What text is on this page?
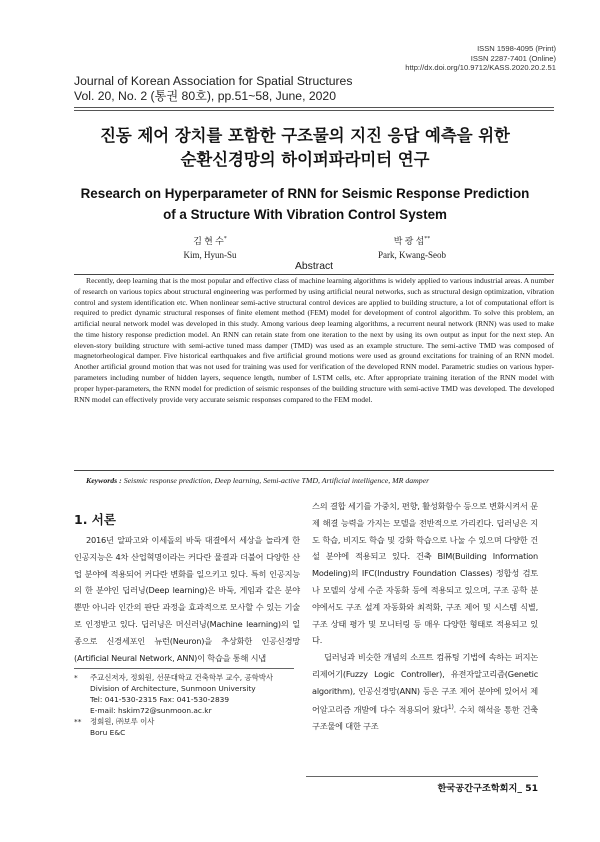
ISSN 1598-4095 (Print)
ISSN 2287-7401 (Online)
http://dx.doi.org/10.9712/KASS.2020.20.2.51
Journal of Korean Association for Spatial Structures
Vol. 20, No. 2 (통권 80호), pp.51~58, June, 2020
진동 제어 장치를 포함한 구조물의 지진 응답 예측을 위한
순환신경망의 하이퍼파라미터 연구
Research on Hyperparameter of RNN for Seismic Response Prediction
of a Structure With Vibration Control System
김 현 수*
Kim, Hyun-Su
박 광 섭**
Park, Kwang-Seob
Abstract
Recently, deep learning that is the most popular and effective class of machine learning algorithms is widely applied to various industrial areas. A number of research on various topics about structural engineering was performed by using artificial neural networks, such as structural design optimization, vibration control and system identification etc. When nonlinear semi-active structural control devices are applied to building structure, a lot of computational effort is required to predict dynamic structural responses of finite element method (FEM) model for development of control algorithm. To solve this problem, an artificial neural network model was developed in this study. Among various deep learning algorithms, a recurrent neural network (RNN) was used to make the time history response prediction model. An RNN can retain state from one iteration to the next by using its own output as input for the next step. An eleven-story building structure with semi-active tuned mass damper (TMD) was used as an example structure. The semi-active TMD was composed of magnetorheological damper. Five historical earthquakes and five artificial ground motions were used as ground excitations for training of an RNN model. Another artificial ground motion that was not used for training was used for verification of the developed RNN model. Parametric studies on various hyper-parameters including number of hidden layers, sequence length, number of LSTM cells, etc. After appropriate training iteration of the RNN model with proper hyper-parameters, the RNN model for prediction of seismic responses of the building structure with semi-active TMD was developed. The developed RNN model can effectively provide very accurate seismic responses compared to the FEM model.
Keywords : Seismic response prediction, Deep learning, Semi-active TMD, Artificial intelligence, MR damper
1. 서론

2016년 알파고와 이세돌의 바둑 대결에서 세상을 놀라게 한 인공지능은 4차 산업혁명이라는 커다란 물결과 더불어 다양한 산업 분야에 적용되어 커다란 변화를 일으키고 있다. 특히 인공지능의 한 분야인 딥러닝(Deep learning)은 바둑, 게임과 같은 분야뿐만 아니라 인간의 판단 과정을 효과적으로 모사할 수 있는 기술로 인정받고 있다. 딥러닝은 머신러닝(Machine learning)의 일종으로 신경세포인 뉴런(Neuron)을 추상화한 인공신경망(Artificial Neural Network, ANN)이 학습을 통해 시냅

* 주교신저자, 정회원, 선문대학교 건축학부 교수, 공학박사
Division of Architecture, Sunmoon University
Tel: 041-530-2315 Fax: 041-530-2839
E-mail: hskim72@sunmoon.ac.kr
** 정회원, ㈜보루 이사
Boru E&C

스의 결합 세기를 가중치, 편향, 활성화함수 등으로 변화시켜서 문제 해결 능력을 가지는 모델을 전반적으로 가리킨다. 딥러닝은 지도 학습, 비지도 학습 및 강화 학습으로 나눌 수 있으며 다양한 건설 분야에 적용되고 있다. 건축 BIM(Building Information Modeling)의 IFC(Industry Foundation Classes) 정합성 검토나 모델의 상세 수준 자동화 등에 적용되고 있으며, 구조 공학 분야에서도 구조 설계 자동화와 최적화, 구조 제어 및 시스템 식별, 구조 상태 평가 및 모니터링 등 매우 다양한 형태로 적용되고 있다.

딥러닝과 비슷한 개념의 소프트 컴퓨팅 기법에 속하는 퍼지논리제어기(Fuzzy Logic Controller), 유전자알고리즘(Genetic algorithm), 인공신경망(ANN) 등은 구조 제어 분야에 있어서 제어알고리즘 개발에 다수 적용되어 왔다$^{1)}$. 수치 해석을 통한 건축 구조물에 대한 구조

한국공간구조학회지_ 51
